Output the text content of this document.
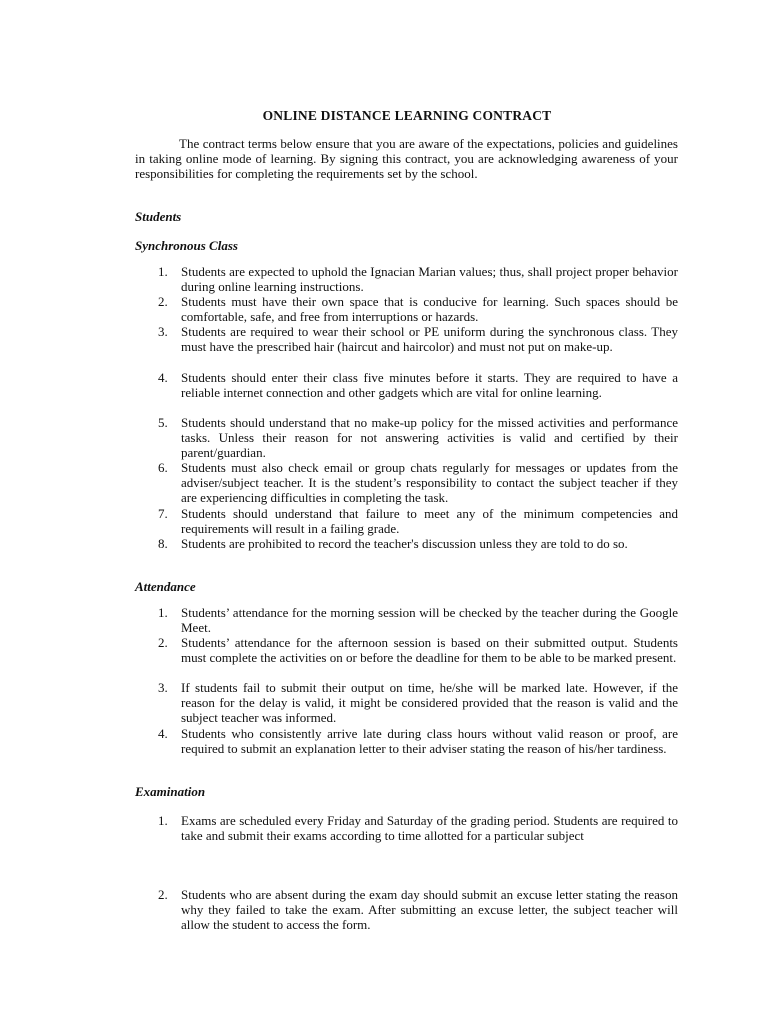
ONLINE DISTANCE LEARNING CONTRACT
The contract terms below ensure that you are aware of the expectations, policies and guidelines in taking online mode of learning. By signing this contract, you are acknowledging awareness of your responsibilities for completing the requirements set by the school.
Students
Synchronous Class
1. Students are expected to uphold the Ignacian Marian values; thus, shall project proper behavior during online learning instructions.
2. Students must have their own space that is conducive for learning. Such spaces should be comfortable, safe, and free from interruptions or hazards.
3. Students are required to wear their school or PE uniform during the synchronous class. They must have the prescribed hair (haircut and haircolor) and must not put on make-up.
4. Students should enter their class five minutes before it starts. They are required to have a reliable internet connection and other gadgets which are vital for online learning.
5. Students should understand that no make-up policy for the missed activities and performance tasks. Unless their reason for not answering activities is valid and certified by their parent/guardian.
6. Students must also check email or group chats regularly for messages or updates from the adviser/subject teacher. It is the student’s responsibility to contact the subject teacher if they are experiencing difficulties in completing the task.
7. Students should understand that failure to meet any of the minimum competencies and requirements will result in a failing grade.
8. Students are prohibited to record the teacher's discussion unless they are told to do so.
Attendance
1. Students’ attendance for the morning session will be checked by the teacher during the Google Meet.
2. Students’ attendance for the afternoon session is based on their submitted output. Students must complete the activities on or before the deadline for them to be able to be marked present.
3. If students fail to submit their output on time, he/she will be marked late. However, if the reason for the delay is valid, it might be considered provided that the reason is valid and the subject teacher was informed.
4. Students who consistently arrive late during class hours without valid reason or proof, are required to submit an explanation letter to their adviser stating the reason of his/her tardiness.
Examination
1. Exams are scheduled every Friday and Saturday of the grading period. Students are required to take and submit their exams according to time allotted for a particular subject
2. Students who are absent during the exam day should submit an excuse letter stating the reason why they failed to take the exam. After submitting an excuse letter, the subject teacher will allow the student to access the form.
